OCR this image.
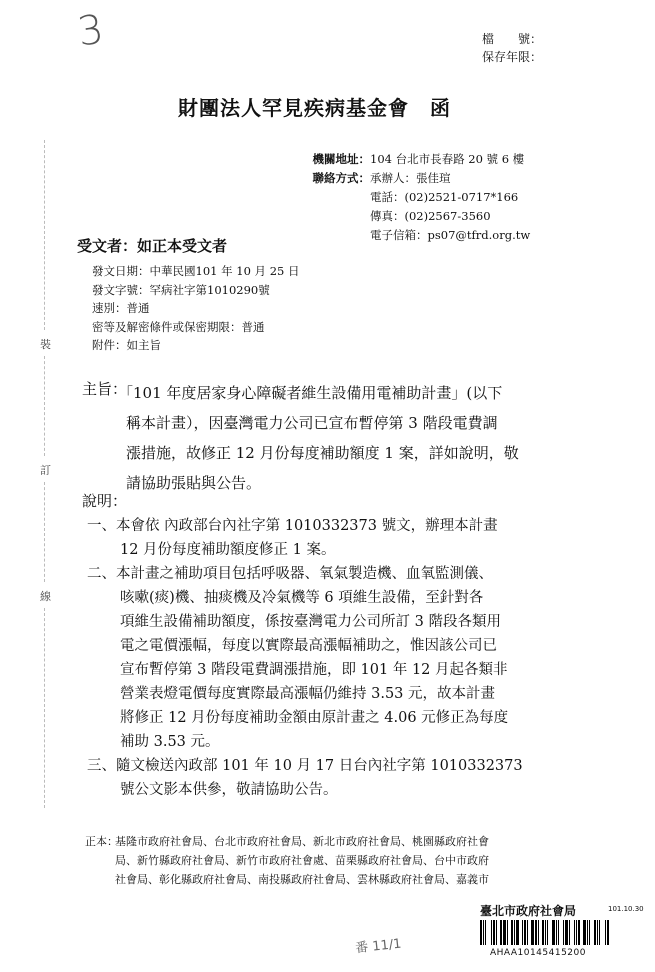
3	檔　　號：
保存年限：
財團法人罕見疾病基金會　函
機關地址：104 台北市長春路 20 號 6 樓
聯絡方式：承辦人：張佳瑄
電話：(02)2521-0717*166
傳真：(02)2567-3560
電子信箱：ps07@tfrd.org.tw
受文者：如正本受文者
發文日期：中華民國101 年 10 月 25 日
發文字號：罕病社字第1010290號
速別：普通
密等及解密條件或保密期限：普通
附件：如主旨
裝
訂
線
主旨：
「101 年度居家身心障礙者維生設備用電補助計畫」(以下
稱本計畫），因臺灣電力公司已宣布暫停第 3 階段電費調
漲措施，故修正 12 月份每度補助額度 1 案，詳如說明，敬
請協助張貼與公告。
說明：
一、本會依 內政部台內社字第 1010332373 號文，辦理本計畫
12 月份每度補助額度修正 1 案。
二、本計畫之補助項目包括呼吸器、氧氣製造機、血氧監測儀、
咳嗽(痰)機、抽痰機及冷氣機等 6 項維生設備，至針對各
項維生設備補助額度，係按臺灣電力公司所訂 3 階段各類用
電之電價漲幅，每度以實際最高漲幅補助之，惟因該公司已
宣布暫停第 3 階段電費調漲措施，即 101 年 12 月起各類非
營業表燈電價每度實際最高漲幅仍維持 3.53 元，故本計畫
將修正 12 月份每度補助金額由原計畫之 4.06 元修正為每度
補助 3.53 元。
三、隨文檢送內政部 101 年 10 月 17 日台內社字第 1010332373
號公文影本供參，敬請協助公告。
正本：基隆市政府社會局、台北市政府社會局、新北市政府社會局、桃園縣政府社會
局、新竹縣政府社會局、新竹市政府社會處、苗栗縣政府社會局、台中市政府
社會局、彰化縣政府社會局、南投縣政府社會局、雲林縣政府社會局、嘉義市
臺北市政府社會局	101.10.30
AHAA10145415200
番 11/1
